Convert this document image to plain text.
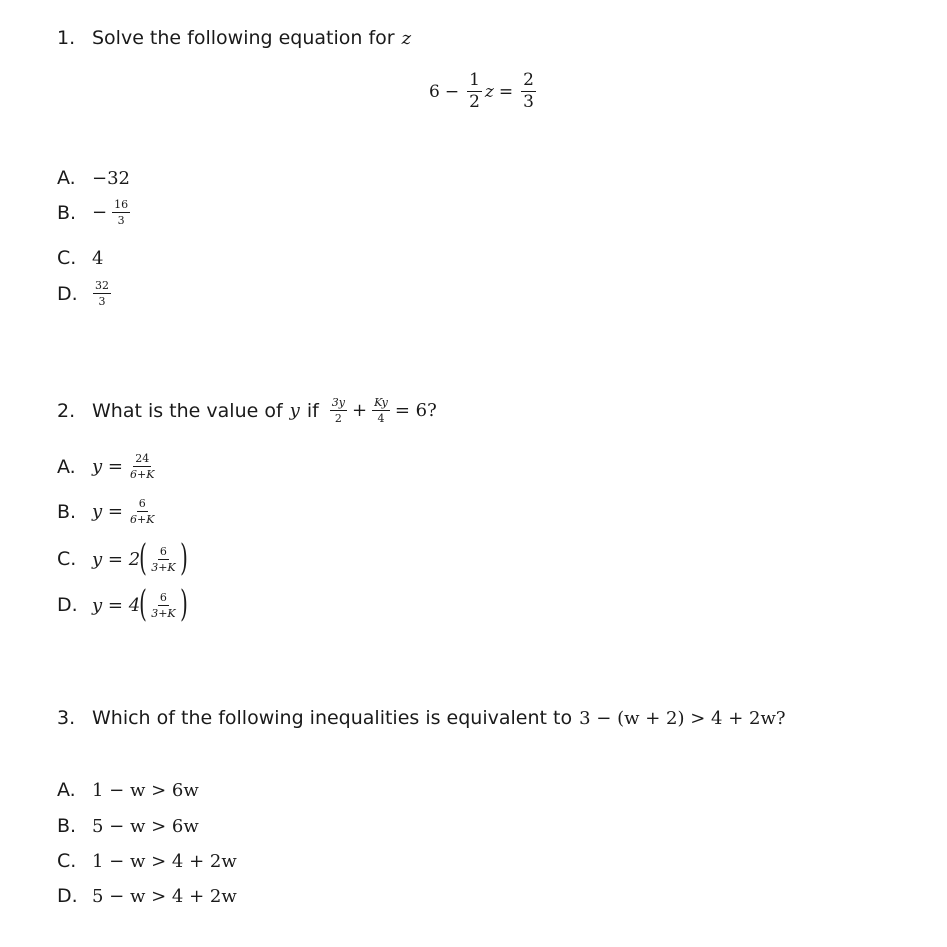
1. Solve the following equation for z
$6 - \frac{1}{2}$ $z = \frac{2}{3}$
A. −32
B. − $\frac{16}{3}$
C. 4
D.	$\frac{32}{3}$
2. What is the value of y if $\frac{3y}{2} + \frac{Ky}{4} = 6$?
A. $y = \frac{24}{6+K}$
B. $y = \frac{6}{6+K}$
C. y = 2 ( $\frac{6}{3+K}$ )
D. y = 4 ( $\frac{6}{3+K}$ )
3. Which of the following inequalities is equivalent to 3 − (w + 2) > 4 + 2w?
A. 1 − w > 6w
B. 5 − w > 6w
C. 1 − w > 4 + 2w
D. 5 − w > 4 + 2w
